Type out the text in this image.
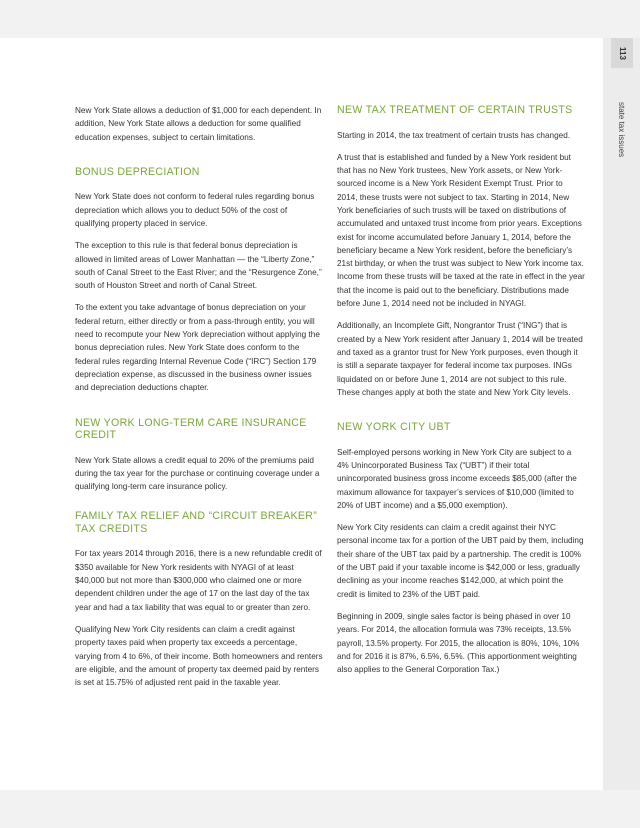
113
state tax issues

New York State allows a deduction of $1,000 for each dependent. In addition, New York State allows a deduction for some qualified education expenses, subject to certain limitations.

BONUS DEPRECIATION

New York State does not conform to federal rules regarding bonus depreciation which allows you to deduct 50% of the cost of qualifying property placed in service.

The exception to this rule is that federal bonus depreciation is allowed in limited areas of Lower Manhattan — the “Liberty Zone,” south of Canal Street to the East River; and the “Resurgence Zone,” south of Houston Street and north of Canal Street.

To the extent you take advantage of bonus depreciation on your federal return, either directly or from a pass-through entity, you will need to recompute your New York depreciation without applying the bonus depreciation rules. New York State does conform to the federal rules regarding Internal Revenue Code (“IRC”) Section 179 depreciation expense, as discussed in the business owner issues and depreciation deductions chapter.

NEW YORK LONG-TERM CARE INSURANCE CREDIT

New York State allows a credit equal to 20% of the premiums paid during the tax year for the purchase or continuing coverage under a qualifying long-term care insurance policy.

FAMILY TAX RELIEF AND “CIRCUIT BREAKER” TAX CREDITS

For tax years 2014 through 2016, there is a new refundable credit of $350 available for New York residents with NYAGI of at least $40,000 but not more than $300,000 who claimed one or more dependent children under the age of 17 on the last day of the tax year and had a tax liability that was equal to or greater than zero.

Qualifying New York City residents can claim a credit against property taxes paid when property tax exceeds a percentage, varying from 4 to 6%, of their income. Both homeowners and renters are eligible, and the amount of property tax deemed paid by renters is set at 15.75% of adjusted rent paid in the taxable year.

NEW TAX TREATMENT OF CERTAIN TRUSTS

Starting in 2014, the tax treatment of certain trusts has changed.

A trust that is established and funded by a New York resident but that has no New York trustees, New York assets, or New York-sourced income is a New York Resident Exempt Trust. Prior to 2014, these trusts were not subject to tax. Starting in 2014, New York beneficiaries of such trusts will be taxed on distributions of accumulated and untaxed trust income from prior years. Exceptions exist for income accumulated before January 1, 2014, before the beneficiary became a New York resident, before the beneficiary’s 21st birthday, or when the trust was subject to New York income tax. Income from these trusts will be taxed at the rate in effect in the year that the income is paid out to the beneficiary. Distributions made before June 1, 2014 need not be included in NYAGI.

Additionally, an Incomplete Gift, Nongrantor Trust (“ING”) that is created by a New York resident after January 1, 2014 will be treated and taxed as a grantor trust for New York purposes, even though it is still a separate taxpayer for federal income tax purposes. INGs liquidated on or before June 1, 2014 are not subject to this rule. These changes apply at both the state and New York City levels.

NEW YORK CITY UBT

Self-employed persons working in New York City are subject to a 4% Unincorporated Business Tax (“UBT”) if their total unincorporated business gross income exceeds $85,000 (after the maximum allowance for taxpayer’s services of $10,000 (limited to 20% of UBT income) and a $5,000 exemption).

New York City residents can claim a credit against their NYC personal income tax for a portion of the UBT paid by them, including their share of the UBT tax paid by a partnership. The credit is 100% of the UBT paid if your taxable income is $42,000 or less, gradually declining as your income reaches $142,000, at which point the credit is limited to 23% of the UBT paid.

Beginning in 2009, single sales factor is being phased in over 10 years. For 2014, the allocation formula was 73% receipts, 13.5% payroll, 13.5% property. For 2015, the allocation is 80%, 10%, 10% and for 2016 it is 87%, 6.5%, 6.5%. (This apportionment weighting also applies to the General Corporation Tax.)
